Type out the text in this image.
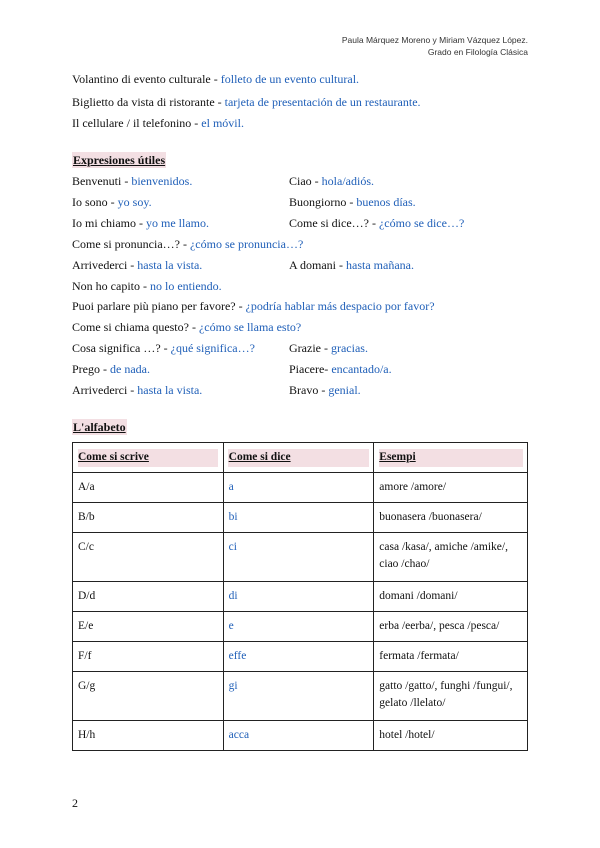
Paula Márquez Moreno y Miriam Vázquez López.
Grado en Filología Clásica
Volantino di evento culturale - folleto de un evento cultural.
Biglietto da vista di ristorante - tarjeta de presentación de un restaurante.
Il cellulare / il telefonino - el móvil.
Expresiones útiles
Benvenuti - bienvenidos.	Ciao - hola/adiós.
Io sono - yo soy.	Buongiorno - buenos días.
Io mi chiamo - yo me llamo.	Come si dice…? - ¿cómo se dice…?
Come si pronuncia…? - ¿cómo se pronuncia…?
Arrivederci - hasta la vista.	A domani - hasta mañana.
Non ho capito - no lo entiendo.
Puoi parlare più piano per favore? - ¿podría hablar más despacio por favor?
Come si chiama questo? - ¿cómo se llama esto?
Cosa significa …? - ¿qué significa…?	Grazie - gracias.
Prego - de nada.	Piacere- encantado/a.
Arrivederci - hasta la vista.	Bravo - genial.
L'alfabeto
Come si scrive	Come si dice	Esempi
A/a	a	amore /amore/
B/b	bi	buonasera /buonasera/
C/c	ci	casa /kasa/, amiche /amike/, ciao /chao/
D/d	di	domani /domani/
E/e	e	erba /eerba/, pesca /pesca/
F/f	effe	fermata /fermata/
G/g	gi	gatto /gatto/, funghi /fungui/, gelato /llelato/
H/h	acca	hotel /hotel/
2
